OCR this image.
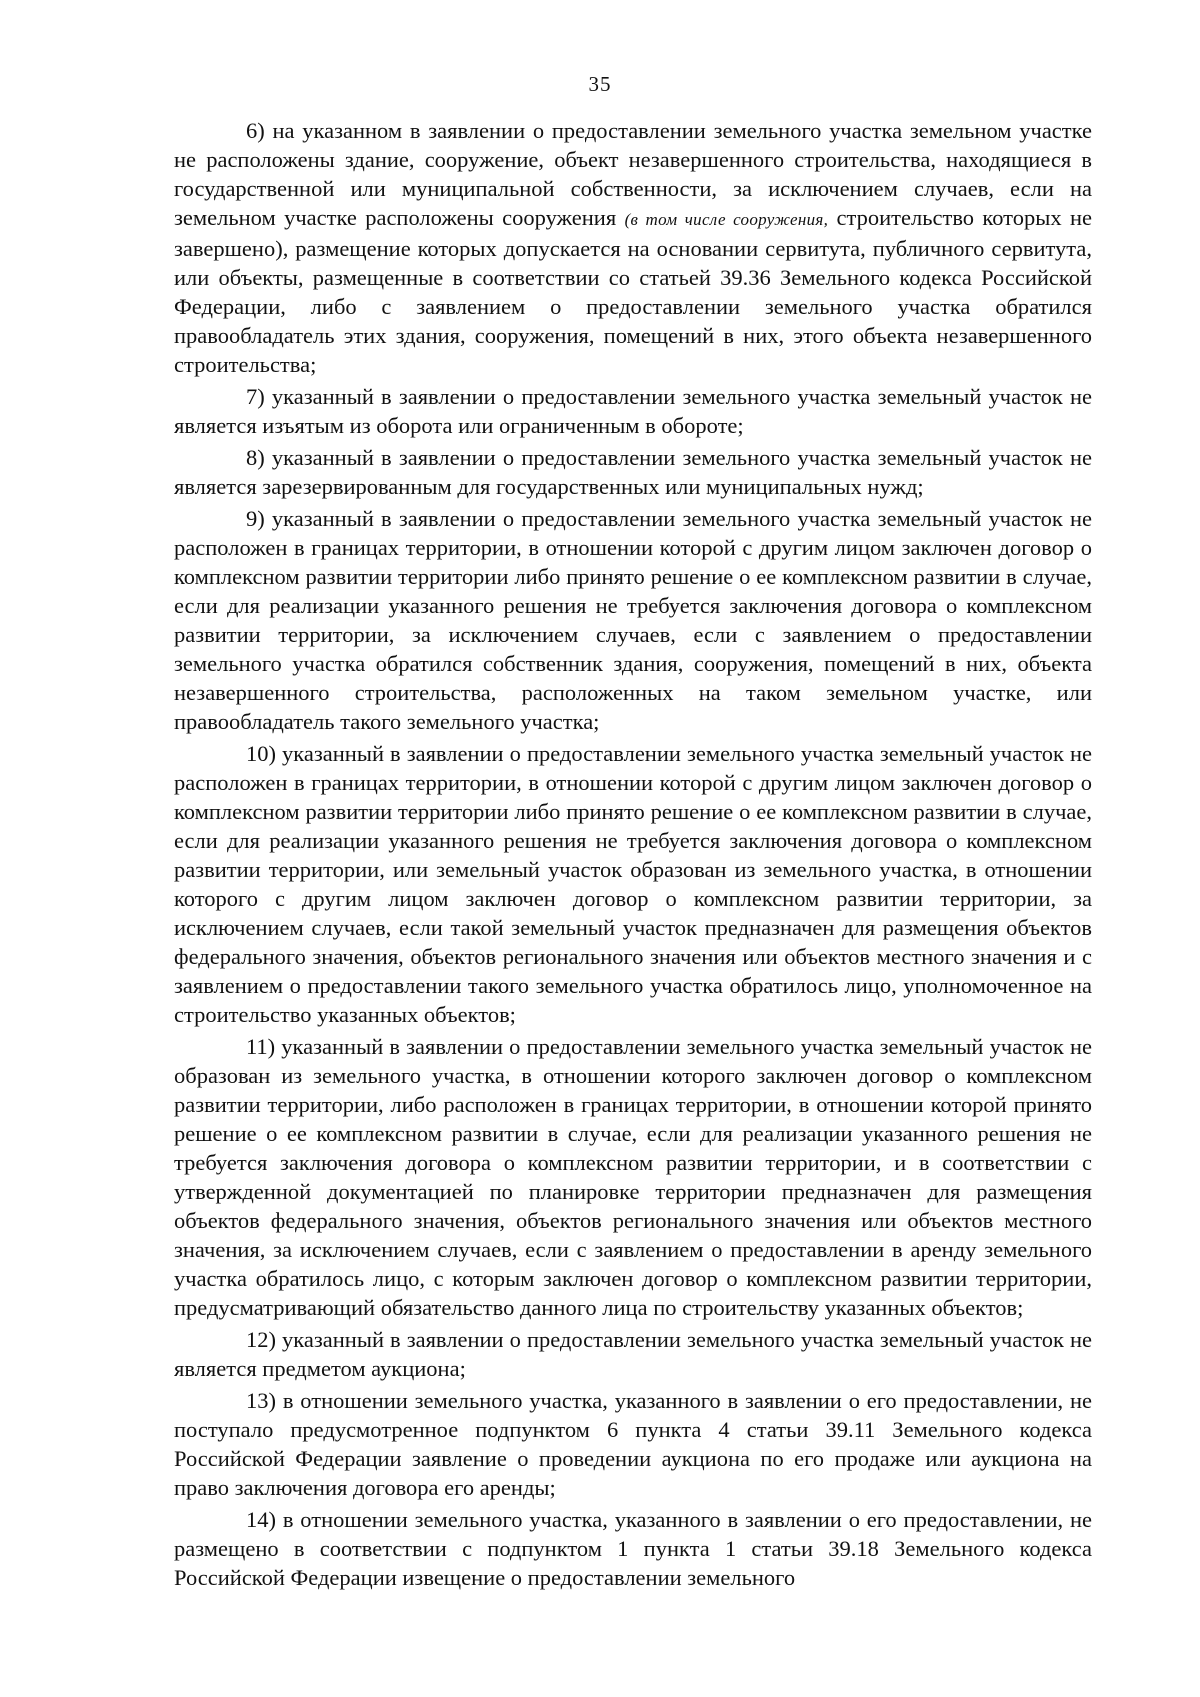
35

6) на указанном в заявлении о предоставлении земельного участка земельном участке не расположены здание, сооружение, объект незавершенного строительства, находящиеся в государственной или муниципальной собственности, за исключением случаев, если на земельном участке расположены сооружения (в том числе сооружения, строительство которых не завершено), размещение которых допускается на основании сервитута, публичного сервитута, или объекты, размещенные в соответствии со статьей 39.36 Земельного кодекса Российской Федерации, либо с заявлением о предоставлении земельного участка обратился правообладатель этих здания, сооружения, помещений в них, этого объекта незавершенного строительства;

7) указанный в заявлении о предоставлении земельного участка земельный участок не является изъятым из оборота или ограниченным в обороте;

8) указанный в заявлении о предоставлении земельного участка земельный участок не является зарезервированным для государственных или муниципальных нужд;

9) указанный в заявлении о предоставлении земельного участка земельный участок не расположен в границах территории, в отношении которой с другим лицом заключен договор о комплексном развитии территории либо принято решение о ее комплексном развитии в случае, если для реализации указанного решения не требуется заключения договора о комплексном развитии территории, за исключением случаев, если с заявлением о предоставлении земельного участка обратился собственник здания, сооружения, помещений в них, объекта незавершенного строительства, расположенных на таком земельном участке, или правообладатель такого земельного участка;

10) указанный в заявлении о предоставлении земельного участка земельный участок не расположен в границах территории, в отношении которой с другим лицом заключен договор о комплексном развитии территории либо принято решение о ее комплексном развитии в случае, если для реализации указанного решения не требуется заключения договора о комплексном развитии территории, или земельный участок образован из земельного участка, в отношении которого с другим лицом заключен договор о комплексном развитии территории, за исключением случаев, если такой земельный участок предназначен для размещения объектов федерального значения, объектов регионального значения или объектов местного значения и с заявлением о предоставлении такого земельного участка обратилось лицо, уполномоченное на строительство указанных объектов;

11) указанный в заявлении о предоставлении земельного участка земельный участок не образован из земельного участка, в отношении которого заключен договор о комплексном развитии территории, либо расположен в границах территории, в отношении которой принято решение о ее комплексном развитии в случае, если для реализации указанного решения не требуется заключения договора о комплексном развитии территории, и в соответствии с утвержденной документацией по планировке территории предназначен для размещения объектов федерального значения, объектов регионального значения или объектов местного значения, за исключением случаев, если с заявлением о предоставлении в аренду земельного участка обратилось лицо, с которым заключен договор о комплексном развитии территории, предусматривающий обязательство данного лица по строительству указанных объектов;

12) указанный в заявлении о предоставлении земельного участка земельный участок не является предметом аукциона;

13) в отношении земельного участка, указанного в заявлении о его предоставлении, не поступало предусмотренное подпунктом 6 пункта 4 статьи 39.11 Земельного кодекса Российской Федерации заявление о проведении аукциона по его продаже или аукциона на право заключения договора его аренды;

14) в отношении земельного участка, указанного в заявлении о его предоставлении, не размещено в соответствии с подпунктом 1 пункта 1 статьи 39.18 Земельного кодекса Российской Федерации извещение о предоставлении земельного
